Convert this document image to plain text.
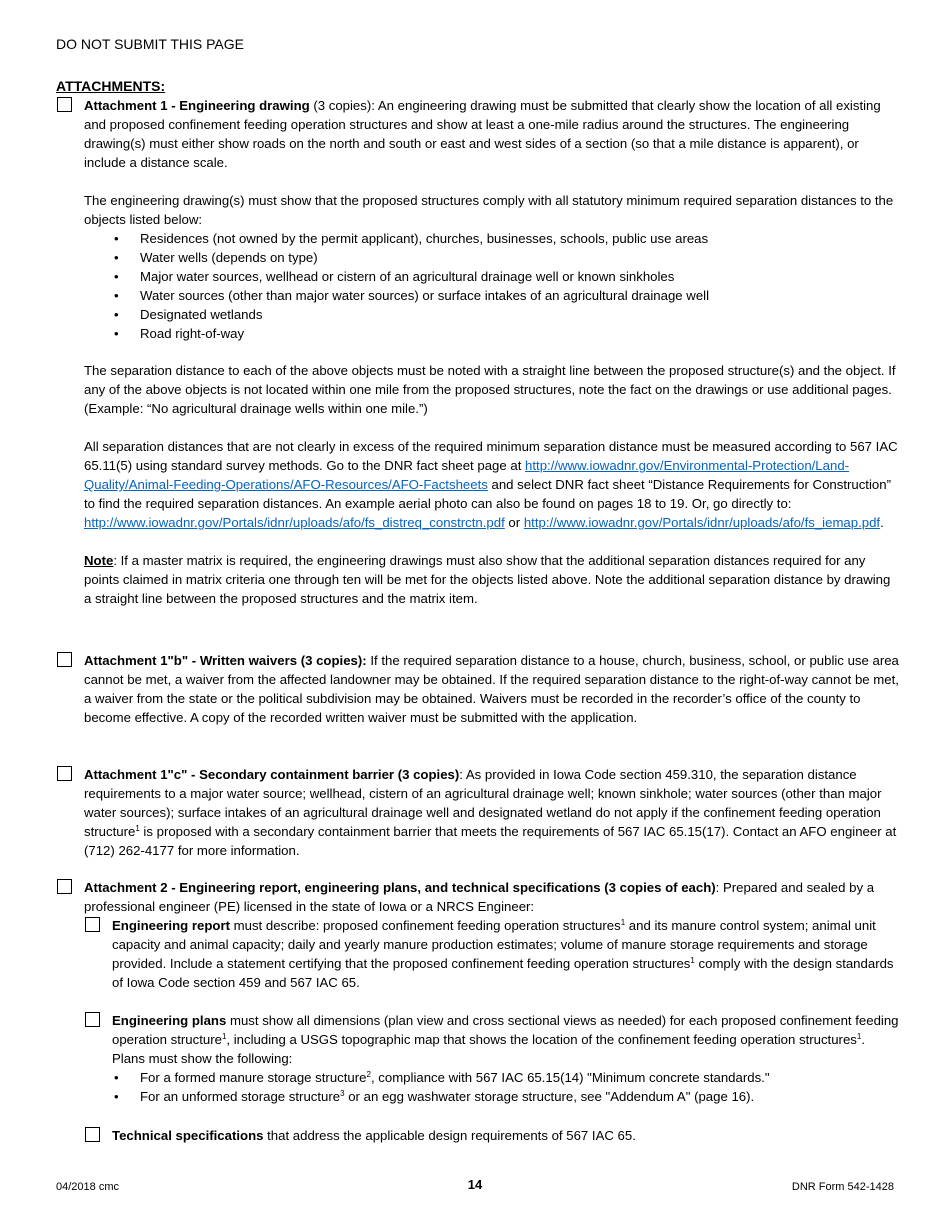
DO NOT SUBMIT THIS PAGE
ATTACHMENTS:

Attachment 1 - Engineering drawing (3 copies): An engineering drawing must be submitted that clearly show the location of all existing and proposed confinement feeding operation structures and show at least a one-mile radius around the structures. The engineering drawing(s) must either show roads on the north and south or east and west sides of a section (so that a mile distance is apparent), or include a distance scale.

The engineering drawing(s) must show that the proposed structures comply with all statutory minimum required separation distances to the objects listed below:

• Residences (not owned by the permit applicant), churches, businesses, schools, public use areas
• Water wells (depends on type)
• Major water sources, wellhead or cistern of an agricultural drainage well or known sinkholes
• Water sources (other than major water sources) or surface intakes of an agricultural drainage well
• Designated wetlands
• Road right-of-way

The separation distance to each of the above objects must be noted with a straight line between the proposed structure(s) and the object. If any of the above objects is not located within one mile from the proposed structures, note the fact on the drawings or use additional pages. (Example: “No agricultural drainage wells within one mile.”)

All separation distances that are not clearly in excess of the required minimum separation distance must be measured according to 567 IAC 65.11(5) using standard survey methods. Go to the DNR fact sheet page at http://www.iowadnr.gov/Environmental-Protection/Land-Quality/Animal-Feeding-Operations/AFO-Resources/AFO-Factsheets and select DNR fact sheet “Distance Requirements for Construction” to find the required separation distances. An example aerial photo can also be found on pages 18 to 19. Or, go directly to: http://www.iowadnr.gov/Portals/idnr/uploads/afo/fs_distreq_constrctn.pdf or http://www.iowadnr.gov/Portals/idnr/uploads/afo/fs_iemap.pdf.

Note: If a master matrix is required, the engineering drawings must also show that the additional separation distances required for any points claimed in matrix criteria one through ten will be met for the objects listed above. Note the additional separation distance by drawing a straight line between the proposed structures and the matrix item.

Attachment 1"b" - Written waivers (3 copies): If the required separation distance to a house, church, business, school, or public use area cannot be met, a waiver from the affected landowner may be obtained. If the required separation distance to the right-of-way cannot be met, a waiver from the state or the political subdivision may be obtained. Waivers must be recorded in the recorder’s office of the county to become effective. A copy of the recorded written waiver must be submitted with the application.

Attachment 1"c" - Secondary containment barrier (3 copies): As provided in Iowa Code section 459.310, the separation distance requirements to a major water source; wellhead, cistern of an agricultural drainage well; known sinkhole; water sources (other than major water sources); surface intakes of an agricultural drainage well and designated wetland do not apply if the confinement feeding operation structure$^1$ is proposed with a secondary containment barrier that meets the requirements of 567 IAC 65.15(17). Contact an AFO engineer at (712) 262-4177 for more information.

Attachment 2 - Engineering report, engineering plans, and technical specifications (3 copies of each): Prepared and sealed by a professional engineer (PE) licensed in the state of Iowa or a NRCS Engineer:

Engineering report must describe: proposed confinement feeding operation structures$^1$ and its manure control system; animal unit capacity and animal capacity; daily and yearly manure production estimates; volume of manure storage requirements and storage provided. Include a statement certifying that the proposed confinement feeding operation structures$^1$ comply with the design standards of Iowa Code section 459 and 567 IAC 65.

Engineering plans must show all dimensions (plan view and cross sectional views as needed) for each proposed confinement feeding operation structure$^1$, including a USGS topographic map that shows the location of the confinement feeding operation structures$^1$. Plans must show the following:

• For a formed manure storage structure$^2$, compliance with 567 IAC 65.15(14) "Minimum concrete standards."
• For an unformed storage structure$^3$ or an egg washwater storage structure, see "Addendum A" (page 16).

Technical specifications that address the applicable design requirements of 567 IAC 65.

04/2018 cmc	14	DNR Form 542-1428
